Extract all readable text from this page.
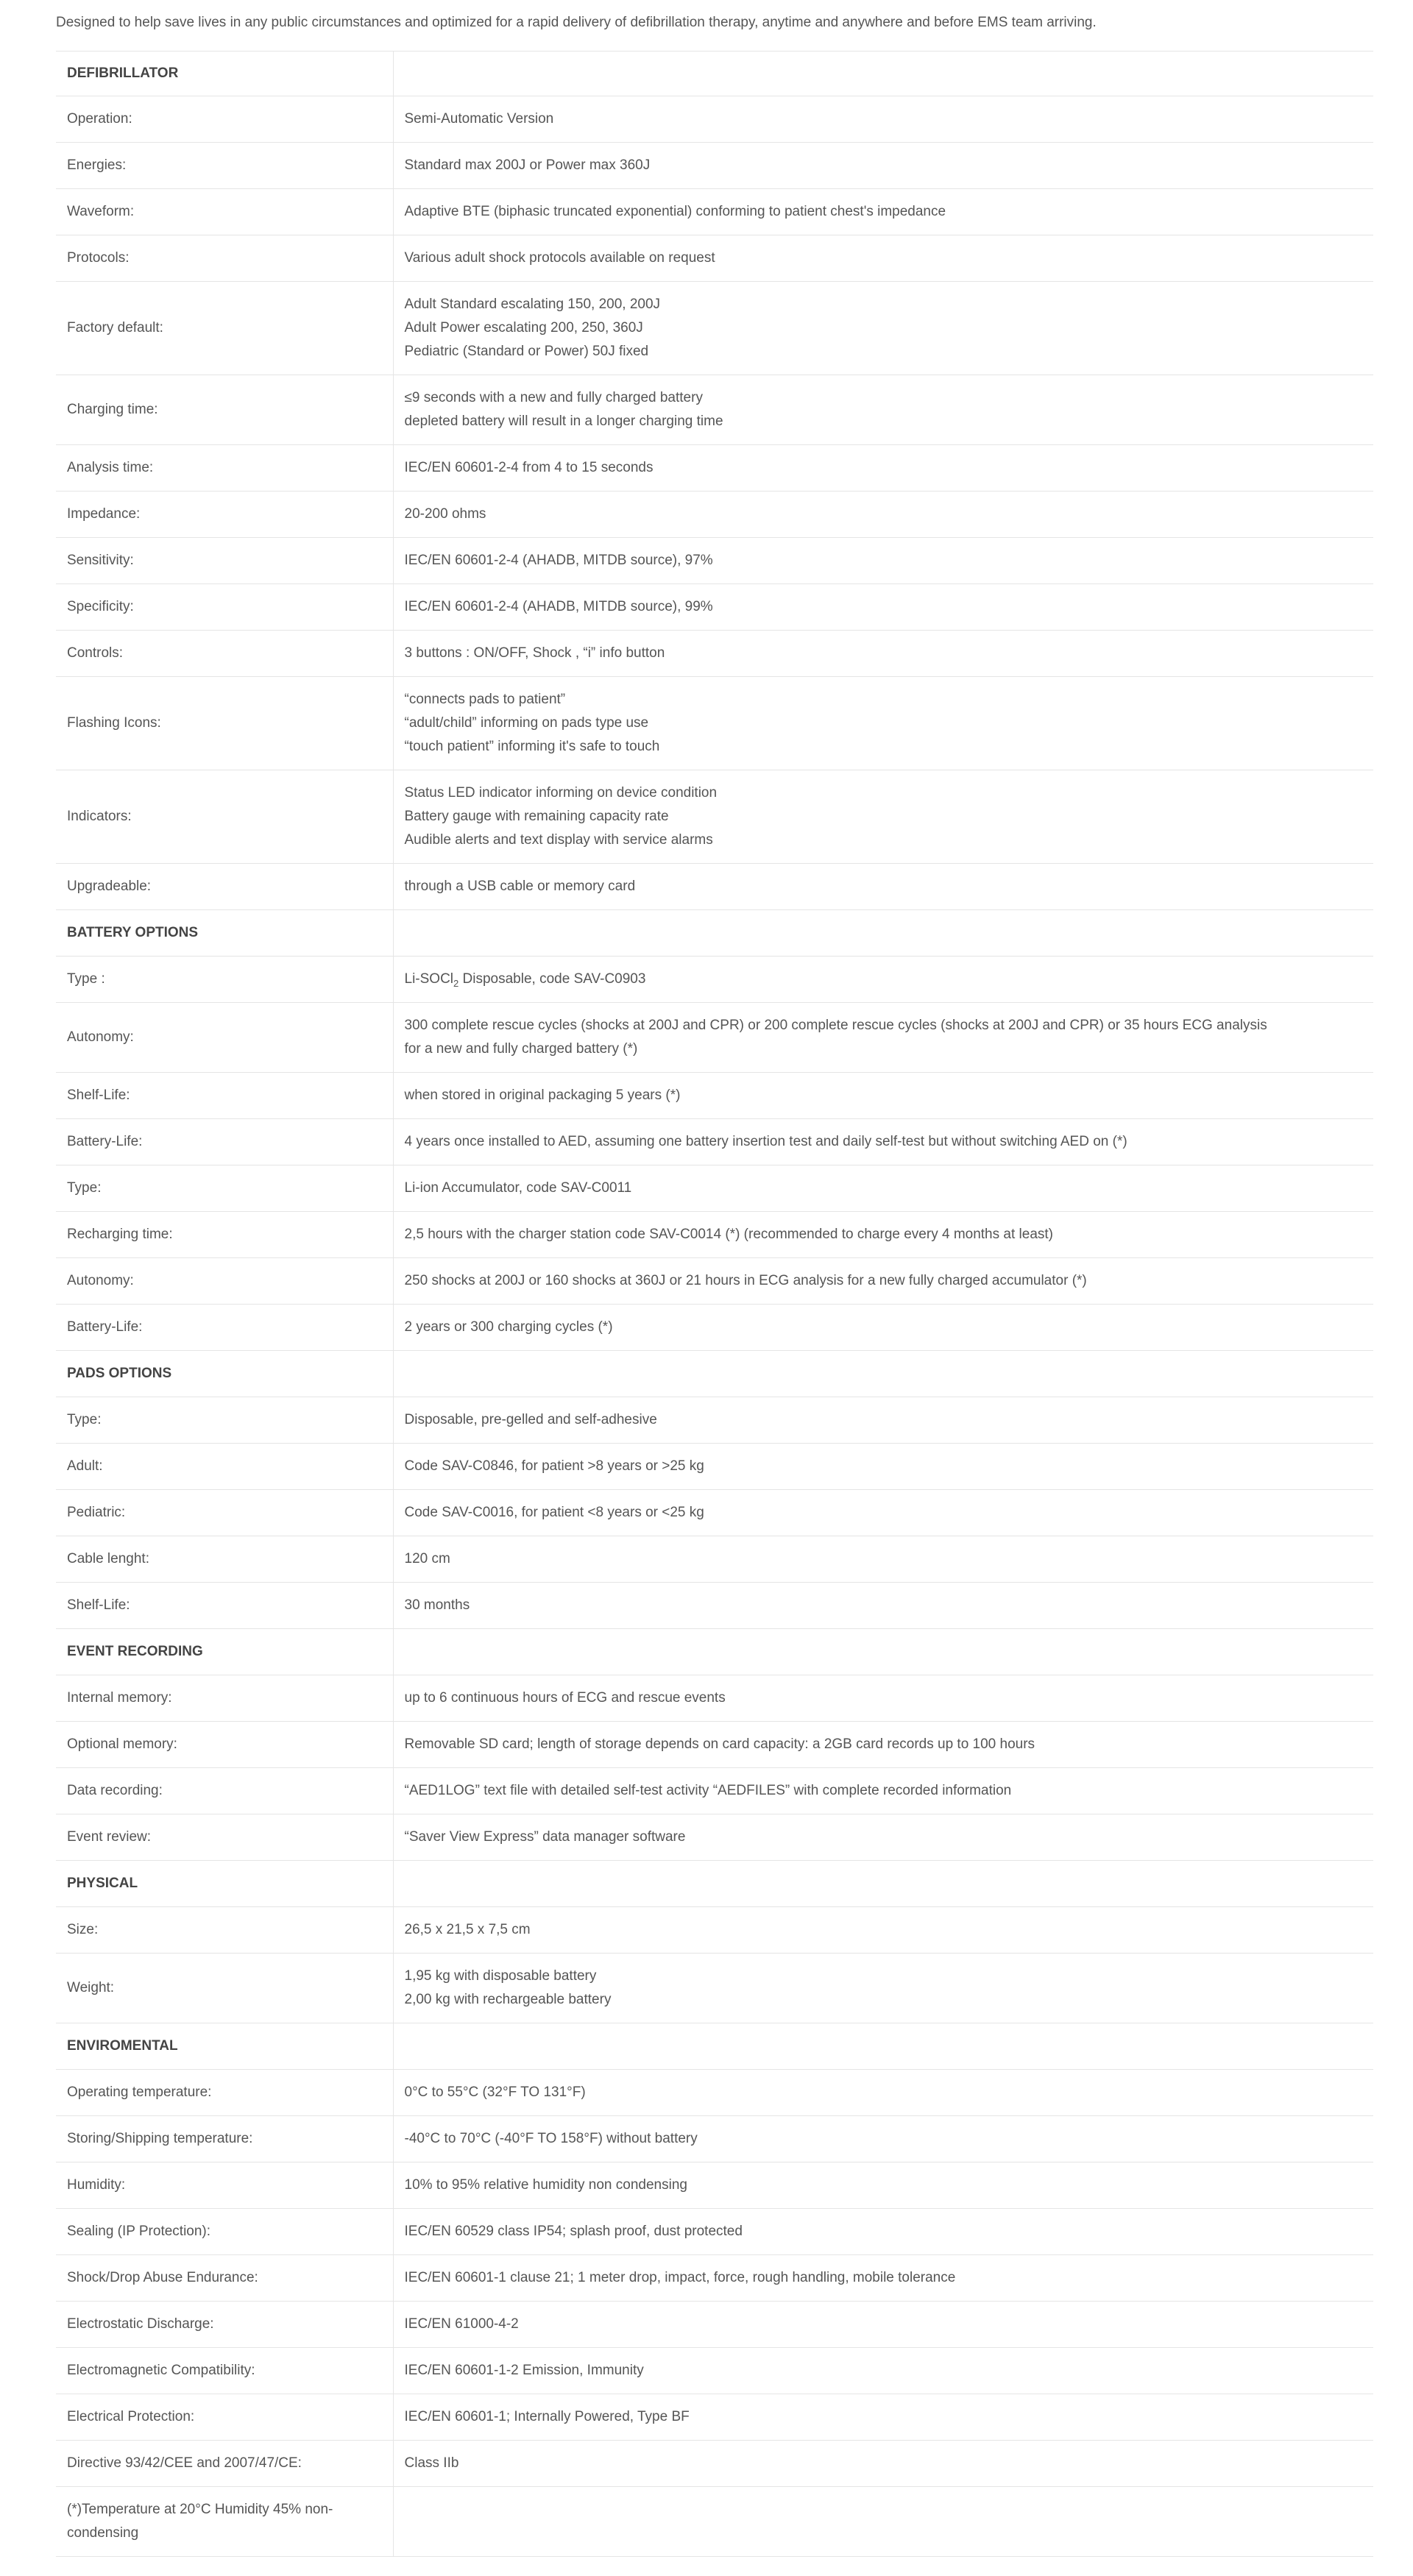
Designed to help save lives in any public circumstances and optimized for a rapid delivery of defibrillation therapy, anytime and anywhere and before EMS team arriving.
DEFIBRILLATOR	
Operation:	Semi-Automatic Version

Energies:	Standard max 200J or Power max 360J

Waveform:	Adaptive BTE (biphasic truncated exponential) conforming to patient chest's impedance

Protocols:	Various adult shock protocols available on request

Factory default:	Adult Standard escalating 150, 200, 200J
Adult Power escalating 200, 250, 360J
Pediatric (Standard or Power) 50J fixed

Charging time:	≤9 seconds with a new and fully charged battery
depleted battery will result in a longer charging time

Analysis time:	IEC/EN 60601-2-4 from 4 to 15 seconds

Impedance:	20-200 ohms

Sensitivity:	IEC/EN 60601-2-4 (AHADB, MITDB source), 97%

Specificity:	IEC/EN 60601-2-4 (AHADB, MITDB source), 99%

Controls:	3 buttons : ON/OFF, Shock , “i” info button

Flashing Icons:	“connects pads to patient”
“adult/child” informing on pads type use
“touch patient” informing it's safe to touch

Indicators:	Status LED indicator informing on device condition
Battery gauge with remaining capacity rate
Audible alerts and text display with service alarms

Upgradeable:	through a USB cable or memory card

BATTERY OPTIONS	
Type :	Li-SOCl$_2$ Disposable, code SAV-C0903

Autonomy:	300 complete rescue cycles (shocks at 200J and CPR) or 200 complete rescue cycles (shocks at 200J and CPR) or 35 hours ECG analysis
for a new and fully charged battery (*)

Shelf-Life:	when stored in original packaging 5 years (*)

Battery-Life:	4 years once installed to AED, assuming one battery insertion test and daily self-test but without switching AED on (*)

Type:	Li-ion Accumulator, code SAV-C0011

Recharging time:	2,5 hours with the charger station code SAV-C0014 (*) (recommended to charge every 4 months at least)

Autonomy:	250 shocks at 200J or 160 shocks at 360J or 21 hours in ECG analysis for a new fully charged accumulator (*)

Battery-Life:	2 years or 300 charging cycles (*)

PADS OPTIONS	
Type:	Disposable, pre-gelled and self-adhesive

Adult:	Code SAV-C0846, for patient >8 years or >25 kg

Pediatric:	Code SAV-C0016, for patient <8 years or <25 kg

Cable lenght:	120 cm

Shelf-Life:	30 months

EVENT RECORDING	
Internal memory:	up to 6 continuous hours of ECG and rescue events

Optional memory:	Removable SD card; length of storage depends on card capacity: a 2GB card records up to 100 hours

Data recording:	“AED1LOG” text file with detailed self-test activity “AEDFILES” with complete recorded information

Event review:	“Saver View Express” data manager software

PHYSICAL	
Size:	26,5 x 21,5 x 7,5 cm

Weight:	1,95 kg with disposable battery
2,00 kg with rechargeable battery

ENVIROMENTAL	
Operating temperature:	0°C to 55°C (32°F TO 131°F)

Storing/Shipping temperature:	-40°C to 70°C (-40°F TO 158°F) without battery

Humidity:	10% to 95% relative humidity non condensing

Sealing (IP Protection):	IEC/EN 60529 class IP54; splash proof, dust protected

Shock/Drop Abuse Endurance:	IEC/EN 60601-1 clause 21; 1 meter drop, impact, force, rough handling, mobile tolerance

Electrostatic Discharge:	IEC/EN 61000-4-2

Electromagnetic Compatibility:	IEC/EN 60601-1-2 Emission, Immunity

Electrical Protection:	IEC/EN 60601-1; Internally Powered, Type BF

Directive 93/42/CEE and 2007/47/CE:	Class IIb

(*)Temperature at 20°C Humidity 45% non-condensing	
